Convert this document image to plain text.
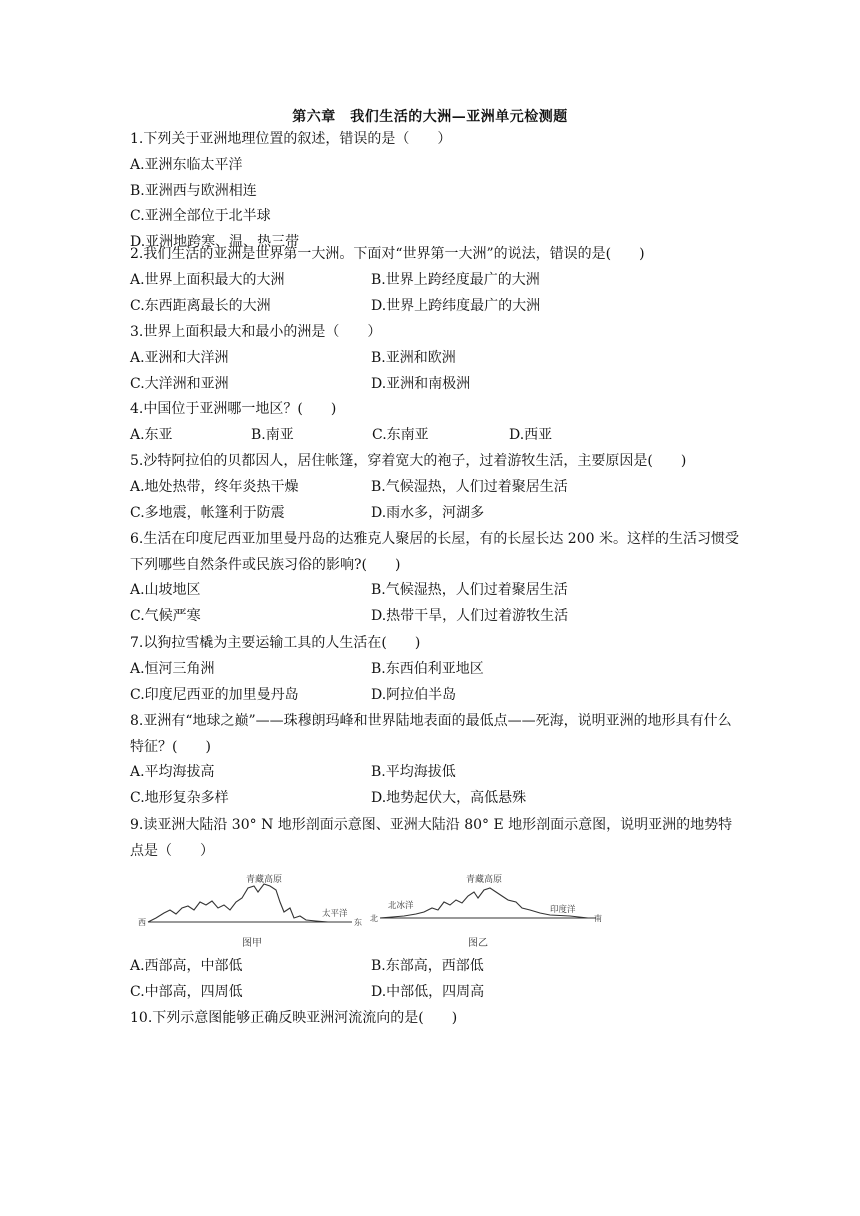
第六章　我们生活的大洲—亚洲单元检测题
1.下列关于亚洲地理位置的叙述，错误的是（　　）
A.亚洲东临太平洋
B.亚洲西与欧洲相连
C.亚洲全部位于北半球
D.亚洲地跨寒、温、热三带
2.我们生活的亚洲是世界第一大洲。下面对“世界第一大洲”的说法，错误的是(　　)
A.世界上面积最大的大洲	B.世界上跨经度最广的大洲
C.东西距离最长的大洲	D.世界上跨纬度最广的大洲
3.世界上面积最大和最小的洲是（　　）
A.亚洲和大洋洲	B.亚洲和欧洲
C.大洋洲和亚洲	D.亚洲和南极洲
4.中国位于亚洲哪一地区？(　　)
A.东亚	B.南亚	C.东南亚	D.西亚
5.沙特阿拉伯的贝都因人，居住帐篷，穿着宽大的袍子，过着游牧生活，主要原因是(　　)
A.地处热带，终年炎热干燥	B.气候湿热，人们过着聚居生活
C.多地震，帐篷利于防震	D.雨水多，河湖多
6.生活在印度尼西亚加里曼丹岛的达雅克人聚居的长屋，有的长屋长达 200 米。这样的生活习惯受下列哪些自然条件或民族习俗的影响?(　　)
A.山坡地区	B.气候湿热，人们过着聚居生活
C.气候严寒	D.热带干旱，人们过着游牧生活
7.以狗拉雪橇为主要运输工具的人生活在(　　)
A.恒河三角洲	B.东西伯利亚地区
C.印度尼西亚的加里曼丹岛	D.阿拉伯半岛
8.亚洲有“地球之巅”——珠穆朗玛峰和世界陆地表面的最低点——死海，说明亚洲的地形具有什么特征？(　　)
A.平均海拔高	B.平均海拔低
C.地形复杂多样	D.地势起伏大，高低悬殊
9.读亚洲大陆沿 30° N 地形剖面示意图、亚洲大陆沿 80° E 地形剖面示意图，说明亚洲的地势特点是（　　）
青藏高原
太平洋
西	东
图甲
青藏高原
北冰洋	印度洋
北	南
图乙
A.西部高，中部低	B.东部高，西部低
C.中部高，四周低	D.中部低，四周高
10.下列示意图能够正确反映亚洲河流流向的是(　　)
